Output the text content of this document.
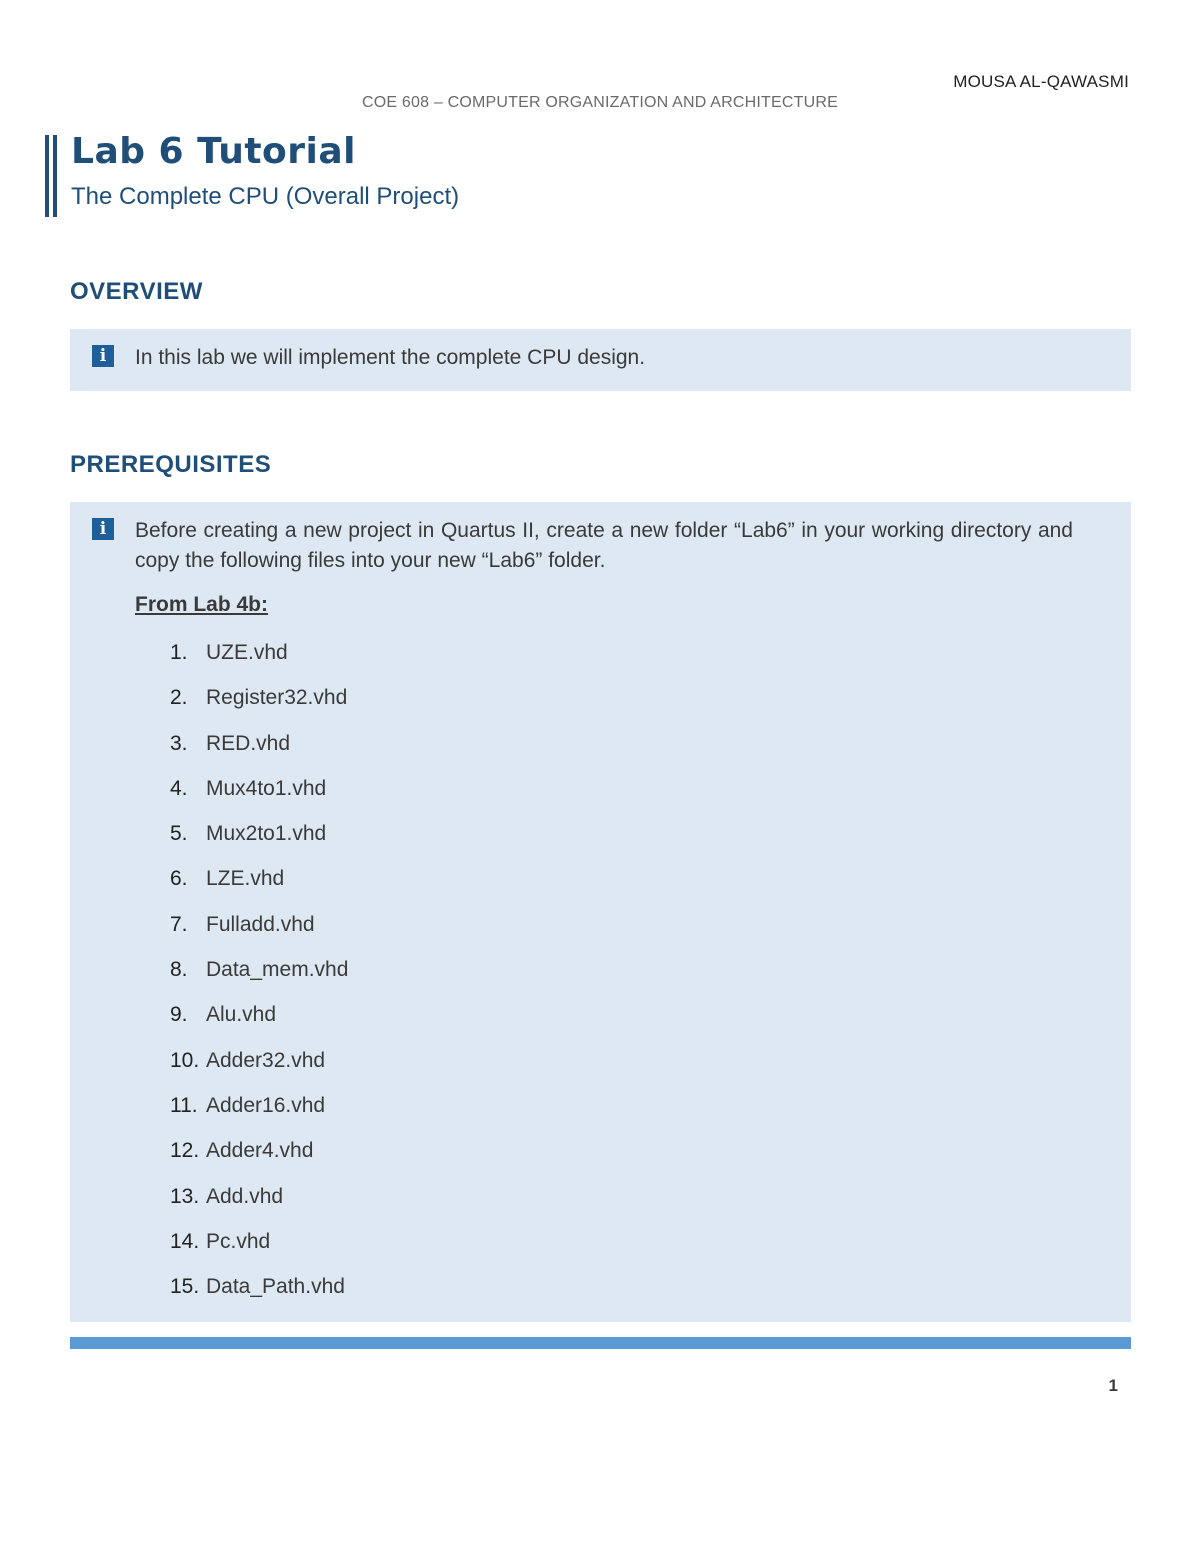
MOUSA AL-QAWASMI
COE 608 – COMPUTER ORGANIZATION AND ARCHITECTURE
Lab 6 Tutorial
The Complete CPU (Overall Project)
OVERVIEW
i	In this lab we will implement the complete CPU design.
PREREQUISITES
i	Before creating a new project in Quartus II, create a new folder “Lab6” in your working directory and copy the following files into your new “Lab6” folder.
From Lab 4b:
1. UZE.vhd
2. Register32.vhd
3. RED.vhd
4. Mux4to1.vhd
5. Mux2to1.vhd
6. LZE.vhd
7. Fulladd.vhd
8. Data_mem.vhd
9. Alu.vhd
10. Adder32.vhd
11. Adder16.vhd
12. Adder4.vhd
13. Add.vhd
14. Pc.vhd
15. Data_Path.vhd
1
